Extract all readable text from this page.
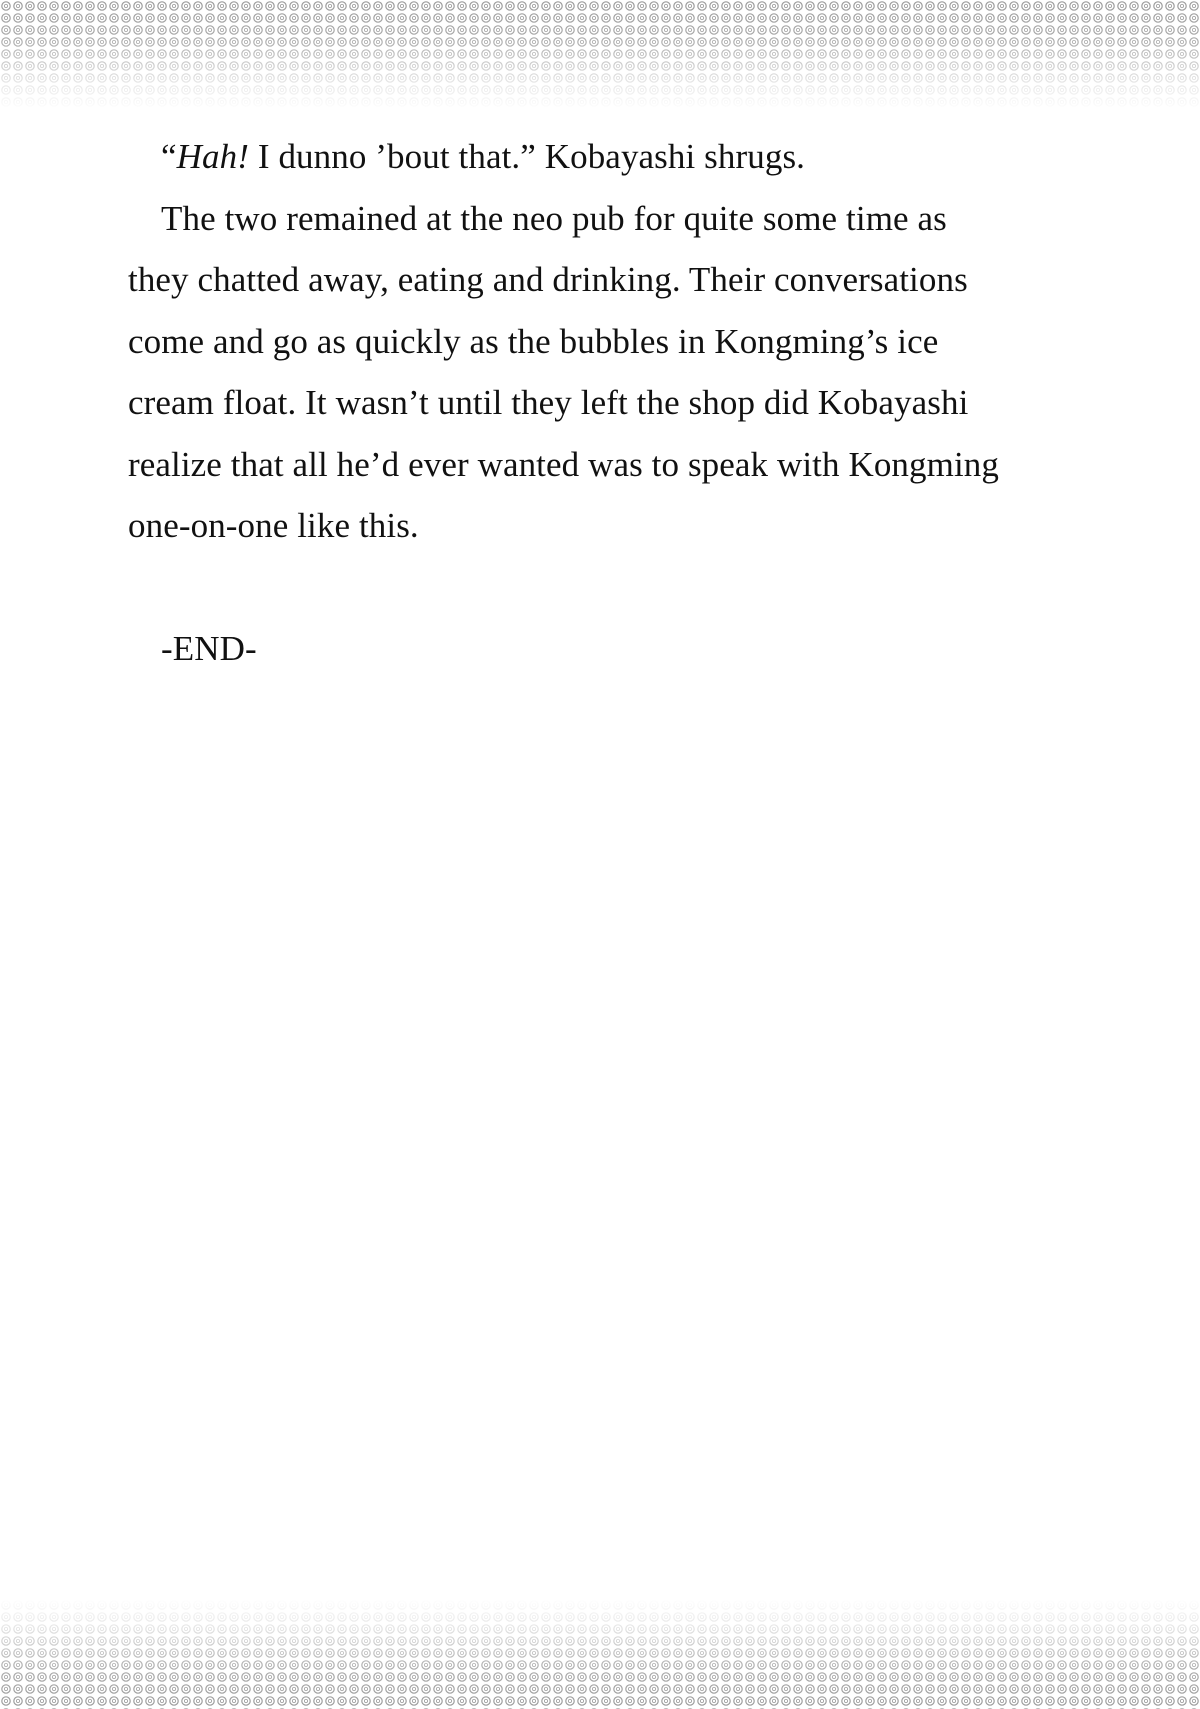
“Hah! I dunno ’bout that.” Kobayashi shrugs.

The two remained at the neo pub for quite some time as
they chatted away, eating and drinking. Their conversations
come and go as quickly as the bubbles in Kongming’s ice
cream float. It wasn’t until they left the shop did Kobayashi
realize that all he’d ever wanted was to speak with Kongming
one-on-one like this.

-END-
